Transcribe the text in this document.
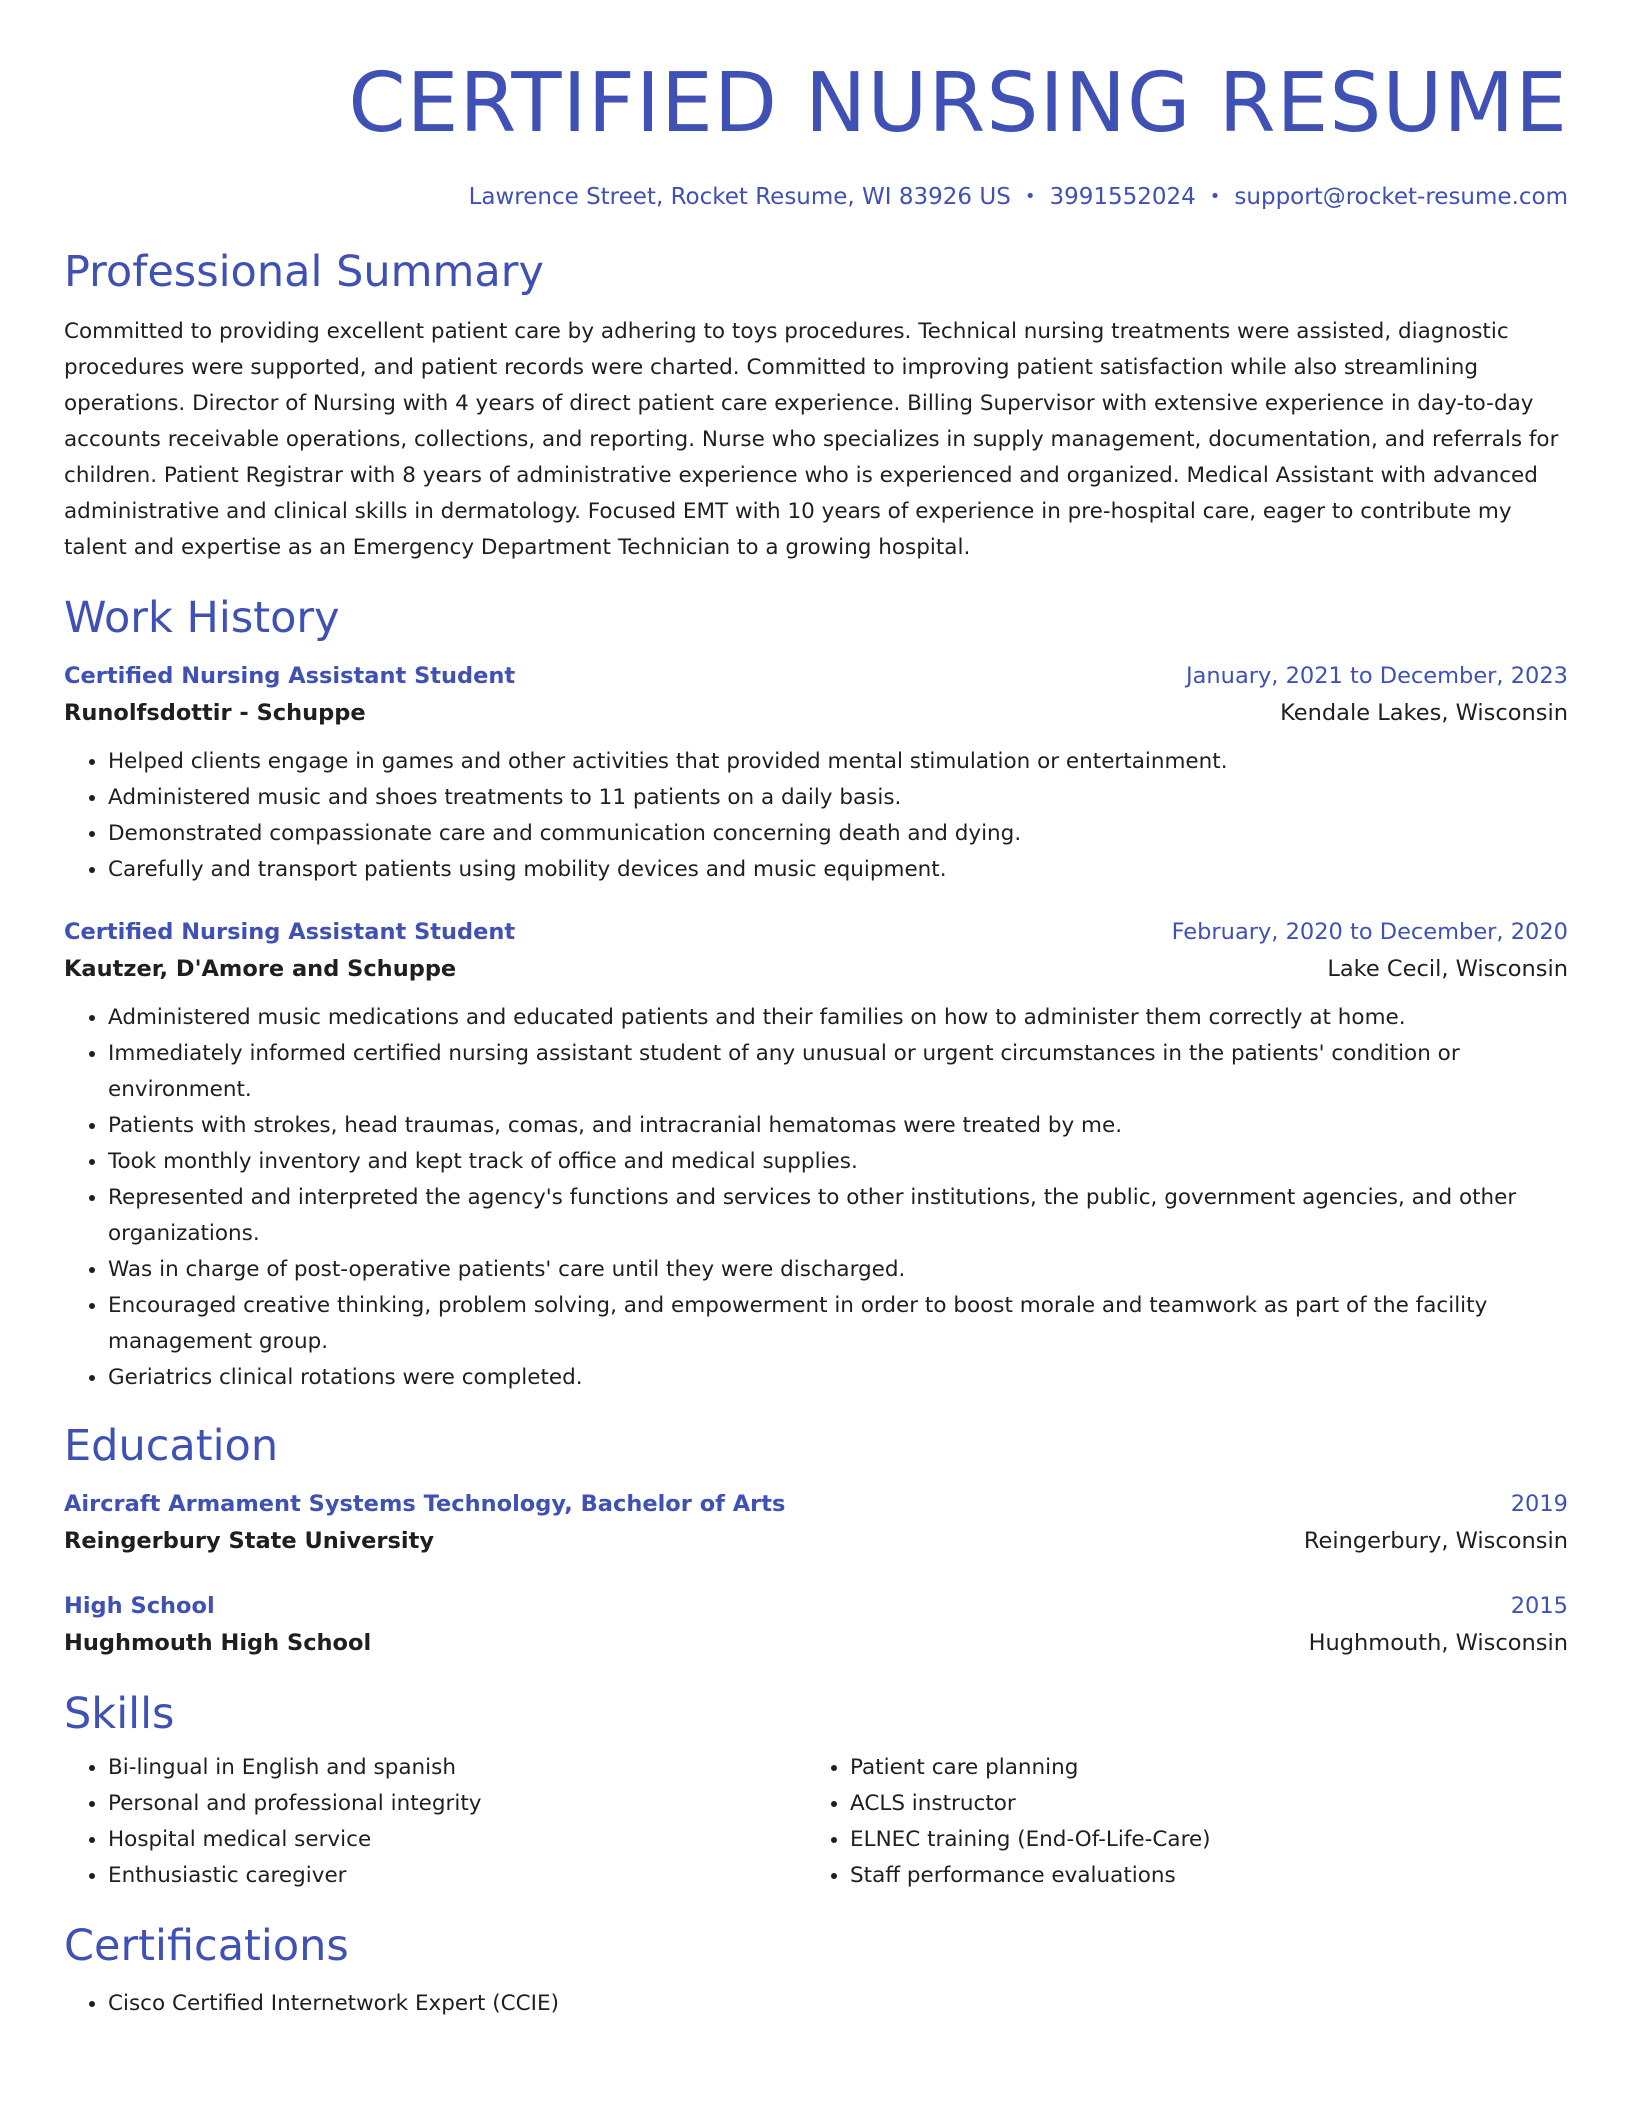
CERTIFIED NURSING RESUME
Lawrence Street, Rocket Resume, WI 83926 US • 3991552024 • support@rocket-resume.com
Professional Summary
Committed to providing excellent patient care by adhering to toys procedures. Technical nursing treatments were assisted, diagnostic procedures were supported, and patient records were charted. Committed to improving patient satisfaction while also streamlining operations. Director of Nursing with 4 years of direct patient care experience. Billing Supervisor with extensive experience in day-to-day accounts receivable operations, collections, and reporting. Nurse who specializes in supply management, documentation, and referrals for children. Patient Registrar with 8 years of administrative experience who is experienced and organized. Medical Assistant with advanced administrative and clinical skills in dermatology. Focused EMT with 10 years of experience in pre-hospital care, eager to contribute my talent and expertise as an Emergency Department Technician to a growing hospital.
Work History
Certified Nursing Assistant Student	January, 2021 to December, 2023
Runolfsdottir - Schuppe	Kendale Lakes, Wisconsin
• Helped clients engage in games and other activities that provided mental stimulation or entertainment.
• Administered music and shoes treatments to 11 patients on a daily basis.
• Demonstrated compassionate care and communication concerning death and dying.
• Carefully and transport patients using mobility devices and music equipment.
Certified Nursing Assistant Student	February, 2020 to December, 2020
Kautzer, D'Amore and Schuppe	Lake Cecil, Wisconsin
• Administered music medications and educated patients and their families on how to administer them correctly at home.
• Immediately informed certified nursing assistant student of any unusual or urgent circumstances in the patients' condition or environment.
• Patients with strokes, head traumas, comas, and intracranial hematomas were treated by me.
• Took monthly inventory and kept track of office and medical supplies.
• Represented and interpreted the agency's functions and services to other institutions, the public, government agencies, and other organizations.
• Was in charge of post-operative patients' care until they were discharged.
• Encouraged creative thinking, problem solving, and empowerment in order to boost morale and teamwork as part of the facility management group.
• Geriatrics clinical rotations were completed.
Education
Aircraft Armament Systems Technology, Bachelor of Arts	2019
Reingerbury State University	Reingerbury, Wisconsin
High School	2015
Hughmouth High School	Hughmouth, Wisconsin
Skills
• Bi-lingual in English and spanish
• Personal and professional integrity
• Hospital medical service
• Enthusiastic caregiver
• Patient care planning
• ACLS instructor
• ELNEC training (End-Of-Life-Care)
• Staff performance evaluations
Certifications
• Cisco Certified Internetwork Expert (CCIE)
